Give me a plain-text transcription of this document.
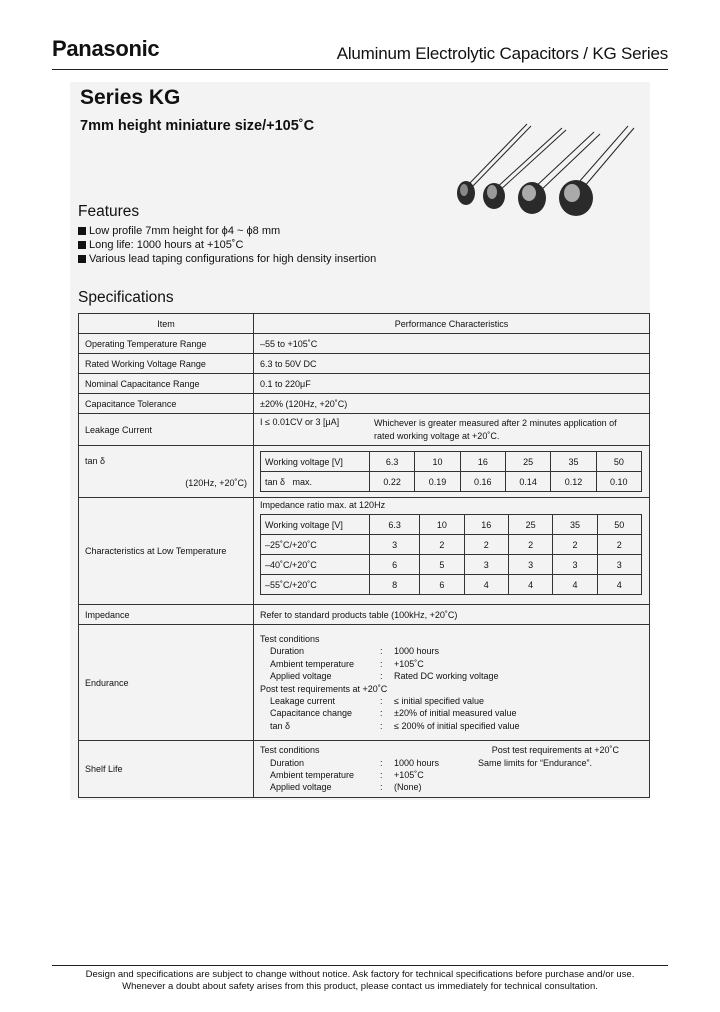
Panasonic	Aluminum Electrolytic Capacitors / KG Series
Series KG
7mm height miniature size/+105˚C
Features
Low profile 7mm height for ϕ4 ~ ϕ8 mm
Long life: 1000 hours at +105˚C
Various lead taping configurations for high density insertion
Specifications
Item	Performance Characteristics
Operating Temperature Range	–55 to +105˚C
Rated Working Voltage Range	6.3 to 50V DC
Nominal Capacitance Range	0.1 to 220μF
Capacitance Tolerance	±20% (120Hz, +20˚C)
Leakage Current	
I ≤ 0.01CV or 3 [μA]	Whichever is greater measured after 2 minutes application of
rated working voltage at +20˚C.

tan δ
(120Hz, +20˚C)

Working voltage [V]	6.3	10	16	25	35	50
tan δ max.	0.22	0.19	0.16	0.14	0.12	0.10

Characteristics at Low Temperature	
Impedance ratio max. at 120Hz
Working voltage [V]	6.3	10	16	25	35	50
–25˚C/+20˚C	3	2	2	2	2	2
–40˚C/+20˚C	6	5	3	3	3	3
–55˚C/+20˚C	8	6	4	4	4	4

Impedance	Refer to standard products table (100kHz, +20˚C)
Endurance	
Test conditions
Duration	:	1000 hours
Ambient temperature	:	+105˚C
Applied voltage	:	Rated DC working voltage
Post test requirements at +20˚C
Leakage current	:	≤ initial specified value
Capacitance change	:	±20% of initial measured value
tan δ	:	≤ 200% of initial specified value

Shelf Life	
Test conditions	Post test requirements at +20˚C
Duration	:	1000 hours	Same limits for “Endurance”.
Ambient temperature	:	+105˚C
Applied voltage	:	(None)
Design and specifications are subject to change without notice. Ask factory for technical specifications before purchase and/or use.
Whenever a doubt about safety arises from this product, please contact us immediately for technical consultation.
